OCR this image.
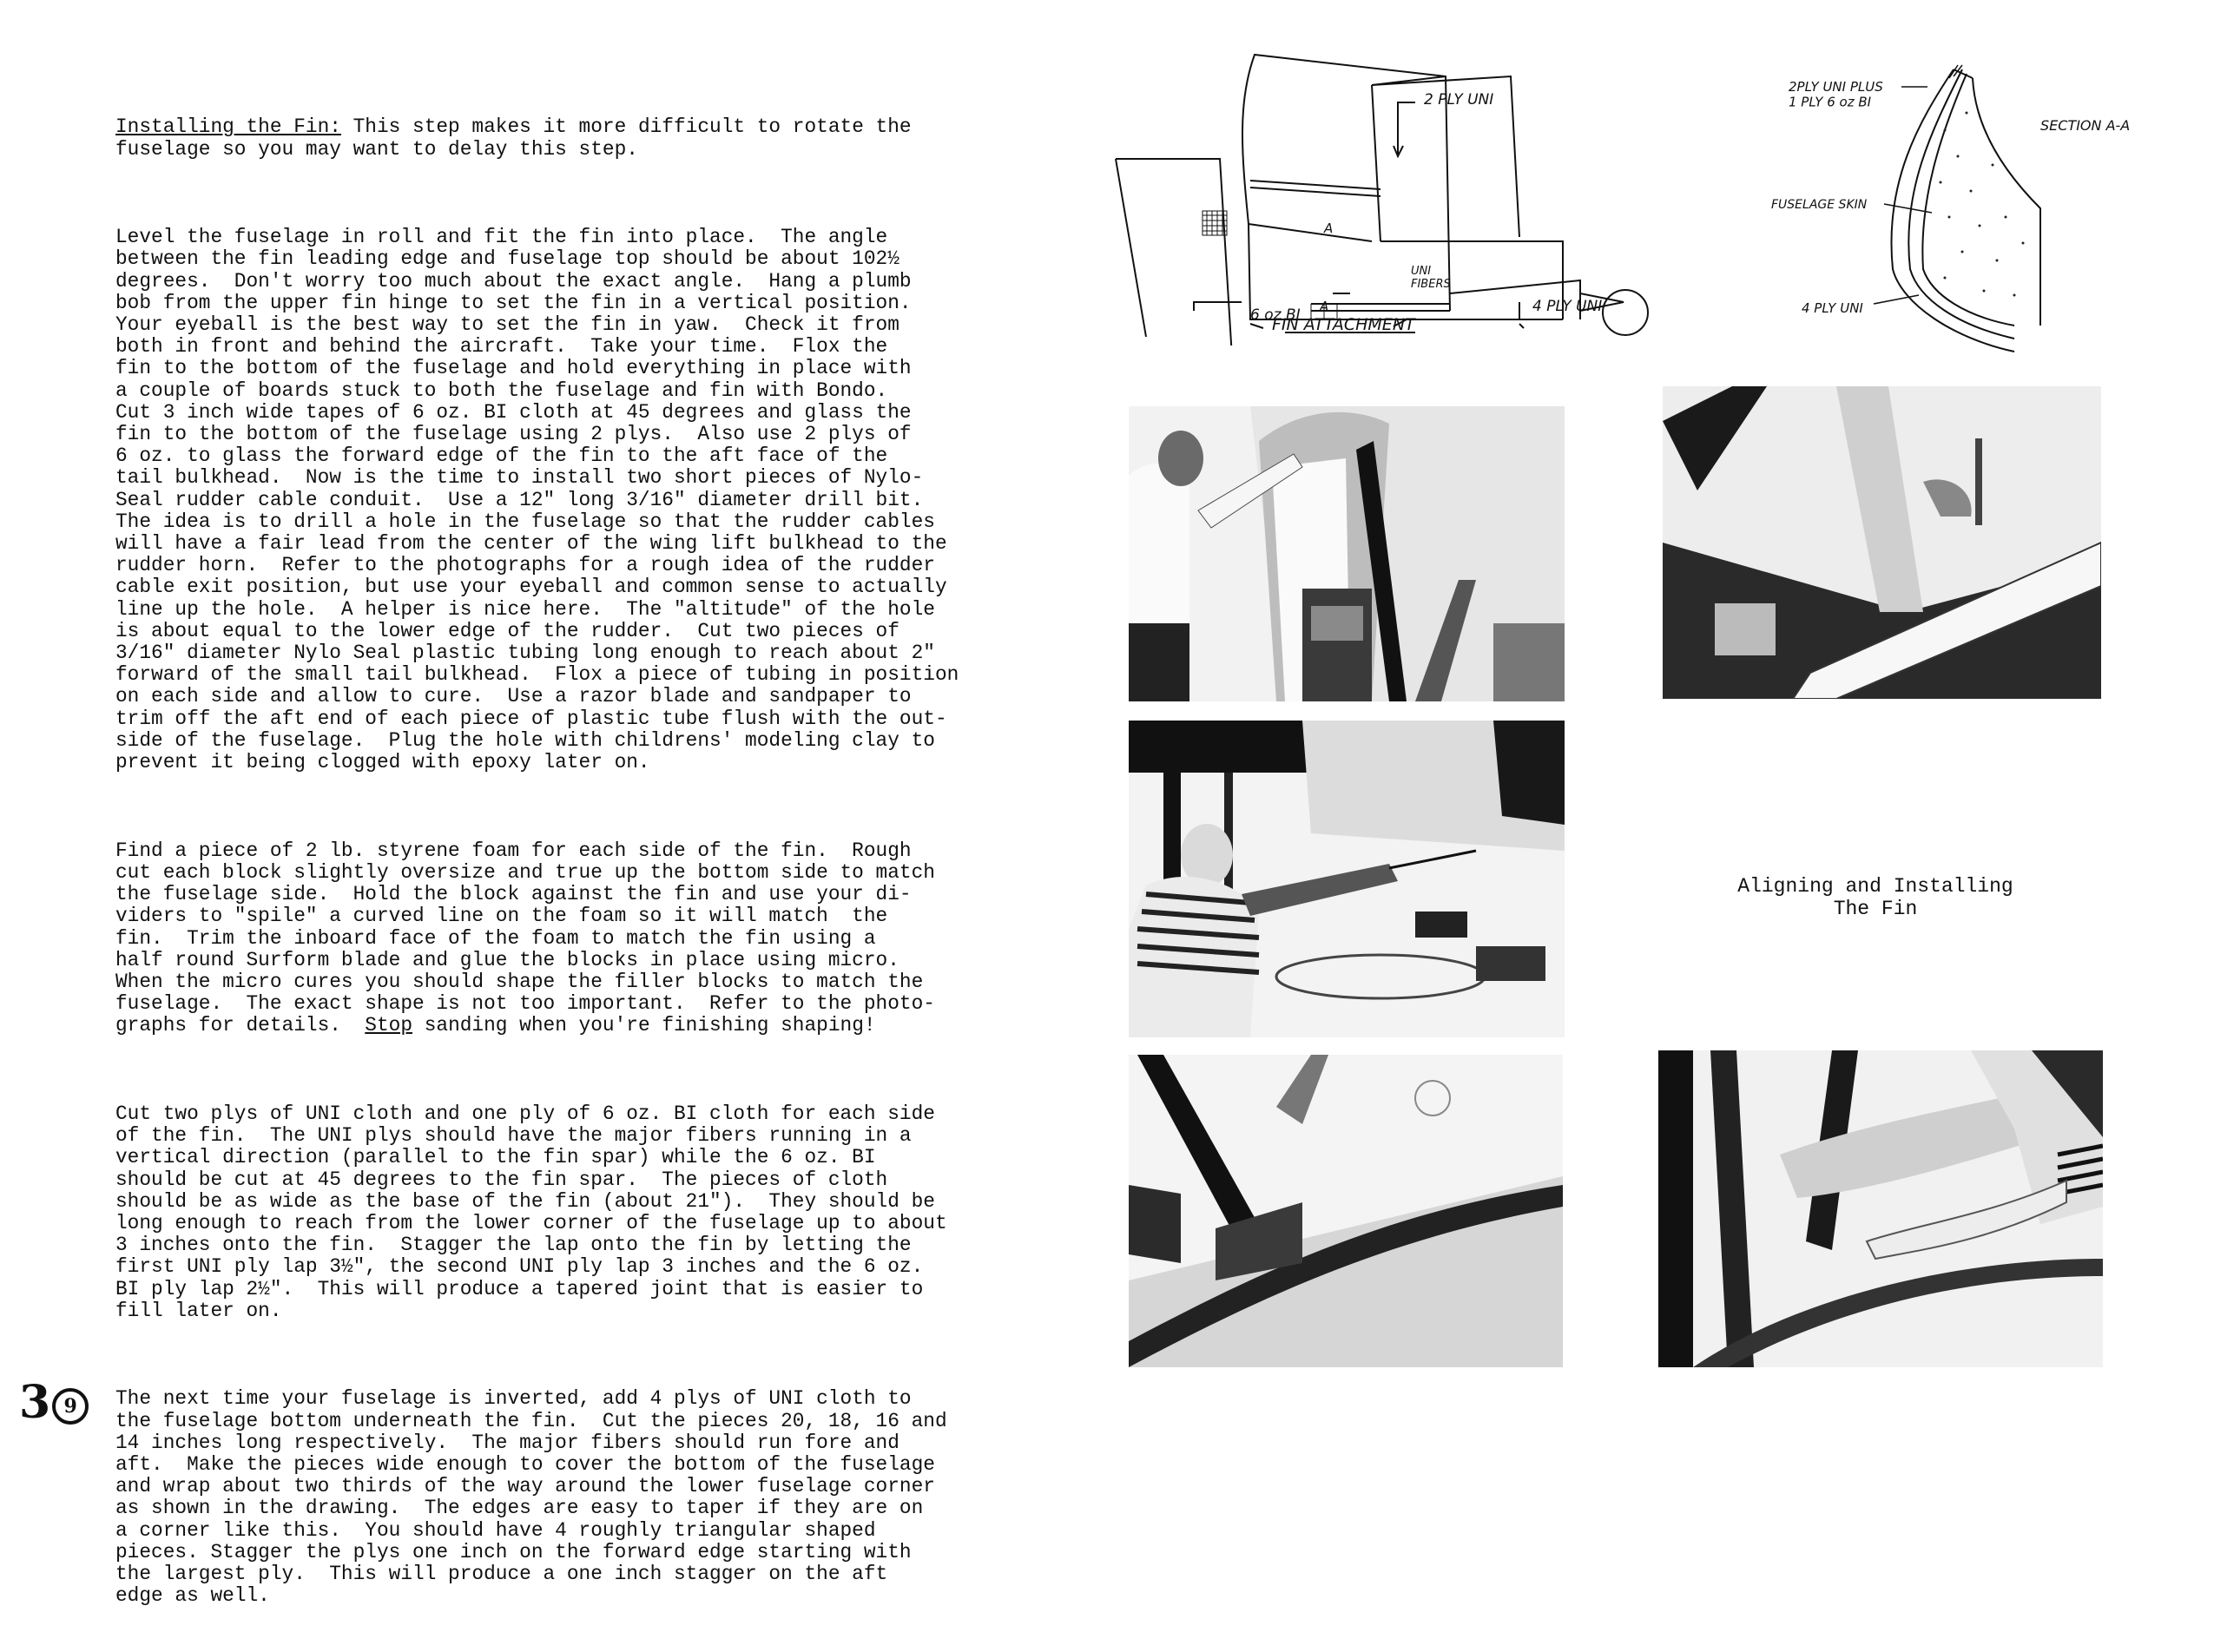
Installing the Fin: This step makes it more difficult to rotate the
fuselage so you may want to delay this step.

Level the fuselage in roll and fit the fin into place.  The angle
between the fin leading edge and fuselage top should be about 102½
degrees.  Don't worry too much about the exact angle.  Hang a plumb
bob from the upper fin hinge to set the fin in a vertical position.
Your eyeball is the best way to set the fin in yaw.  Check it from
both in front and behind the aircraft.  Take your time.  Flox the
fin to the bottom of the fuselage and hold everything in place with
a couple of boards stuck to both the fuselage and fin with Bondo.
Cut 3 inch wide tapes of 6 oz. BI cloth at 45 degrees and glass the
fin to the bottom of the fuselage using 2 plys.  Also use 2 plys of
6 oz. to glass the forward edge of the fin to the aft face of the
tail bulkhead.  Now is the time to install two short pieces of Nylo-
Seal rudder cable conduit.  Use a 12" long 3/16" diameter drill bit.
The idea is to drill a hole in the fuselage so that the rudder cables
will have a fair lead from the center of the wing lift bulkhead to the
rudder horn.  Refer to the photographs for a rough idea of the rudder
cable exit position, but use your eyeball and common sense to actually
line up the hole.  A helper is nice here.  The "altitude" of the hole
is about equal to the lower edge of the rudder.  Cut two pieces of
3/16" diameter Nylo Seal plastic tubing long enough to reach about 2"
forward of the small tail bulkhead.  Flox a piece of tubing in position
on each side and allow to cure.  Use a razor blade and sandpaper to
trim off the aft end of each piece of plastic tube flush with the out-
side of the fuselage.  Plug the hole with childrens' modeling clay to
prevent it being clogged with epoxy later on.

Find a piece of 2 lb. styrene foam for each side of the fin.  Rough
cut each block slightly oversize and true up the bottom side to match
the fuselage side.  Hold the block against the fin and use your di-
viders to "spile" a curved line on the foam so it will match  the
fin.  Trim the inboard face of the foam to match the fin using a
half round Surform blade and glue the blocks in place using micro.
When the micro cures you should shape the filler blocks to match the
fuselage.  The exact shape is not too important.  Refer to the photo-
graphs for details.  Stop sanding when you're finishing shaping!

Cut two plys of UNI cloth and one ply of 6 oz. BI cloth for each side
of the fin.  The UNI plys should have the major fibers running in a
vertical direction (parallel to the fin spar) while the 6 oz. BI
should be cut at 45 degrees to the fin spar.  The pieces of cloth
should be as wide as the base of the fin (about 21").  They should be
long enough to reach from the lower corner of the fuselage up to about
3 inches onto the fin.  Stagger the lap onto the fin by letting the
first UNI ply lap 3½", the second UNI ply lap 3 inches and the 6 oz.
BI ply lap 2½".  This will produce a tapered joint that is easier to
fill later on.

The next time your fuselage is inverted, add 4 plys of UNI cloth to
the fuselage bottom underneath the fin.  Cut the pieces 20, 18, 16 and
14 inches long respectively.  The major fibers should run fore and
aft.  Make the pieces wide enough to cover the bottom of the fuselage
and wrap about two thirds of the way around the lower fuselage corner
as shown in the drawing.  The edges are easy to taper if they are on
a corner like this.  You should have 4 roughly triangular shaped
pieces. Stagger the plys one inch on the forward edge starting with
the largest ply.  This will produce a one inch stagger on the aft
edge as well.

3 9
2 PLY UNI
6 oz BI
A
A
UNI FIBERS
4 PLY UNI
FIN ATTACHMENT
2PLY UNI PLUS 1 PLY 6 oz BI
SECTION A-A
FUSELAGE SKIN
4 PLY UNI
Aligning and Installing
The Fin
